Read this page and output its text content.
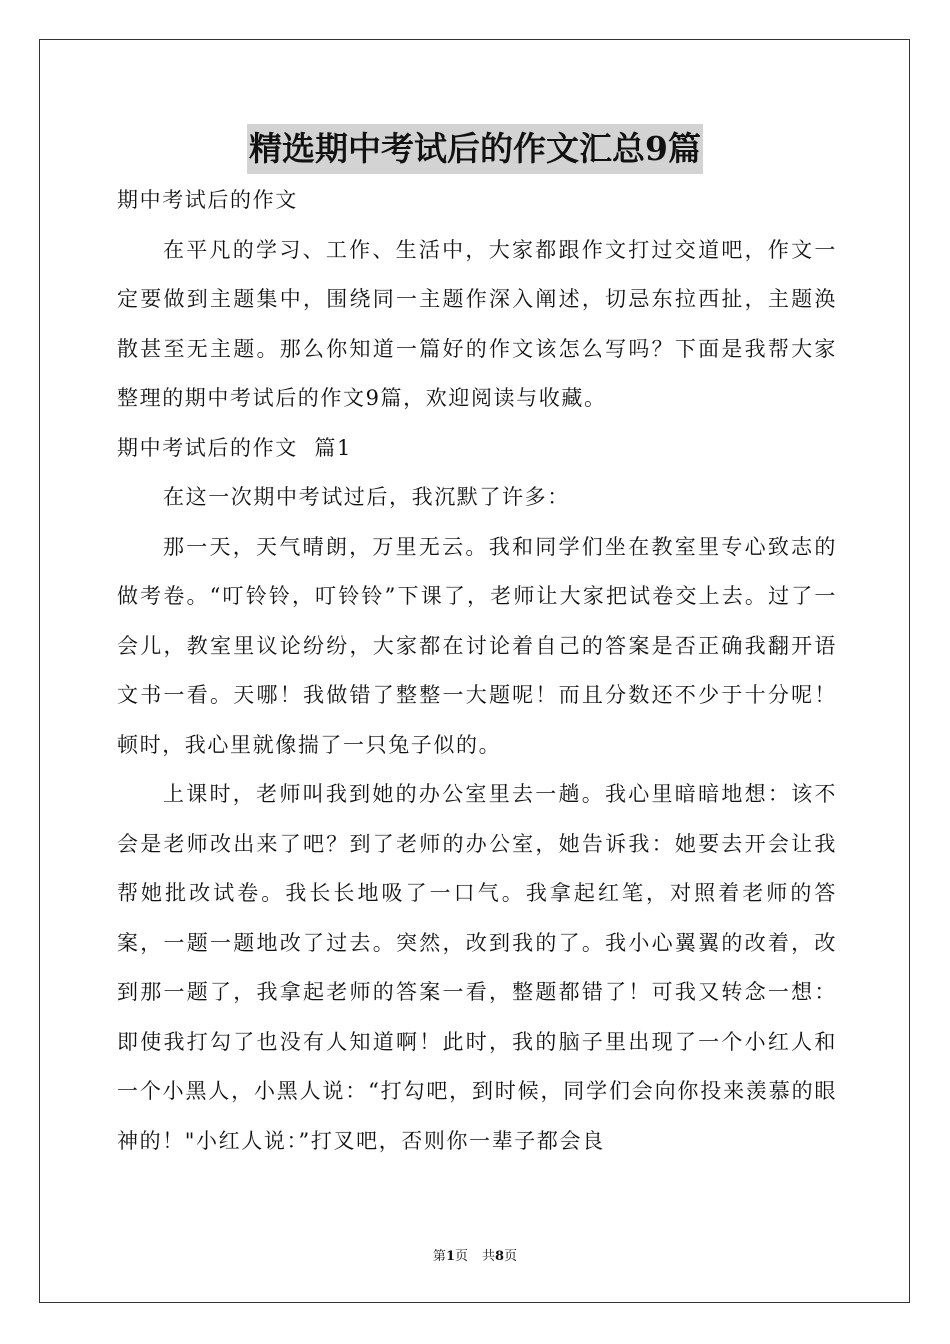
精选期中考试后的作文汇总9篇

期中考试后的作文

在平凡的学习、工作、生活中，大家都跟作文打过交道吧，作文一定要做到主题集中，围绕同一主题作深入阐述，切忌东拉西扯，主题涣散甚至无主题。那么你知道一篇好的作文该怎么写吗？下面是我帮大家整理的期中考试后的作文9篇，欢迎阅读与收藏。

期中考试后的作文  篇1

在这一次期中考试过后，我沉默了许多：

那一天，天气晴朗，万里无云。我和同学们坐在教室里专心致志的做考卷。“叮铃铃，叮铃铃”下课了，老师让大家把试卷交上去。过了一会儿，教室里议论纷纷，大家都在讨论着自己的答案是否正确我翻开语文书一看。天哪！我做错了整整一大题呢！而且分数还不少于十分呢！顿时，我心里就像揣了一只兔子似的。

上课时，老师叫我到她的办公室里去一趟。我心里暗暗地想：该不会是老师改出来了吧？到了老师的办公室，她告诉我：她要去开会让我帮她批改试卷。我长长地吸了一口气。我拿起红笔，对照着老师的答案，一题一题地改了过去。突然，改到我的了。我小心翼翼的改着，改到那一题了，我拿起老师的答案一看，整题都错了！可我又转念一想：即使我打勾了也没有人知道啊！此时，我的脑子里出现了一个小红人和一个小黑人，小黑人说：“打勾吧，到时候，同学们会向你投来羡慕的眼神的！"小红人说：”打叉吧，否则你一辈子都会良

第1页 共8页
